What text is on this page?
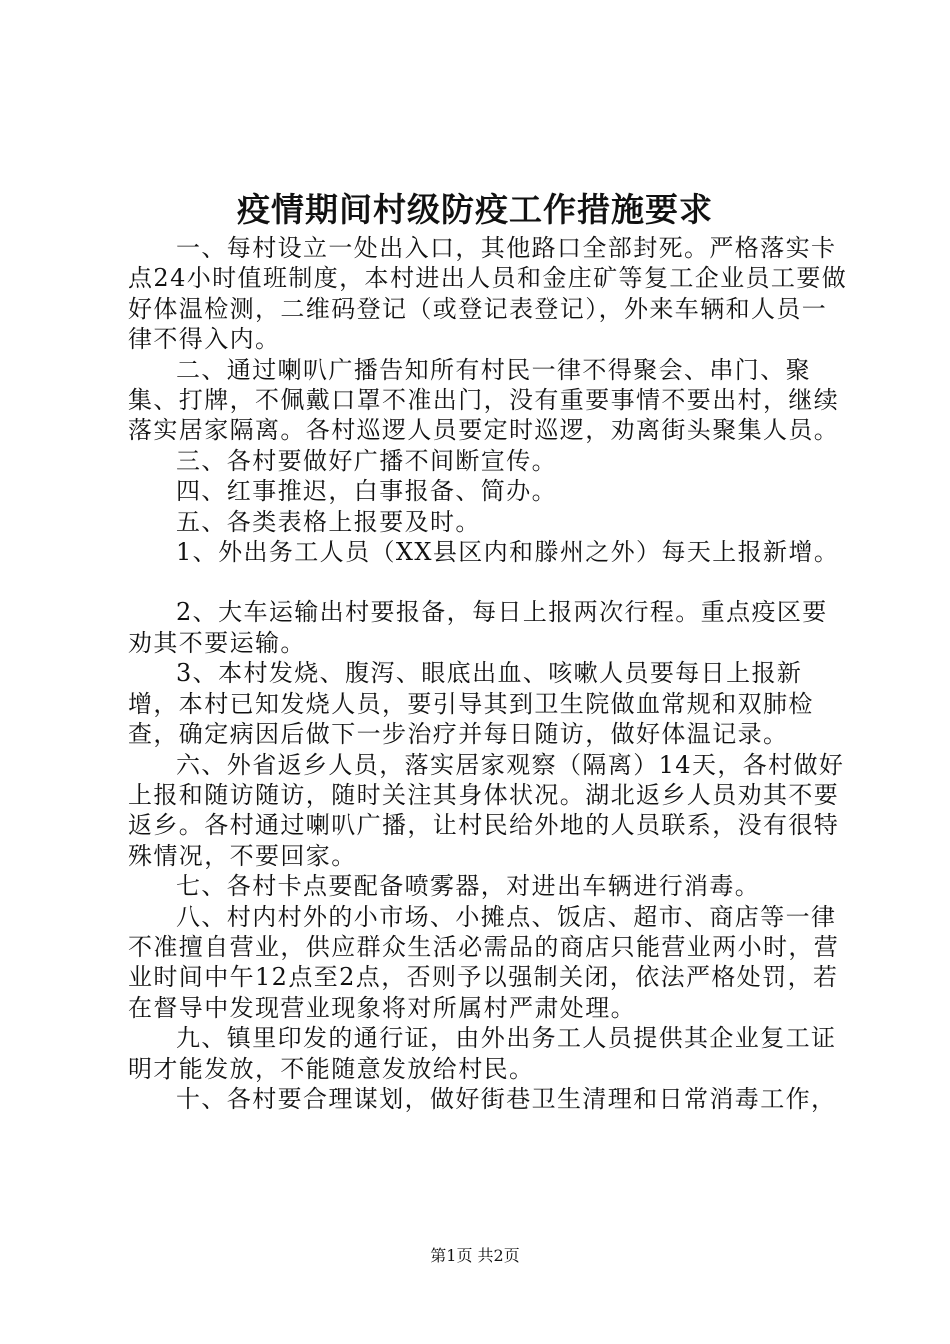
疫情期间村级防疫工作措施要求

一、每村设立一处出入口，其他路口全部封死。严格落实卡点24小时值班制度，本村进出人员和金庄矿等复工企业员工要做好体温检测，二维码登记（或登记表登记），外来车辆和人员一律不得入内。

二、通过喇叭广播告知所有村民一律不得聚会、串门、聚集、打牌，不佩戴口罩不准出门，没有重要事情不要出村，继续落实居家隔离。各村巡逻人员要定时巡逻，劝离街头聚集人员。

三、各村要做好广播不间断宣传。

四、红事推迟，白事报备、简办。

五、各类表格上报要及时。

1、外出务工人员（XX县区内和滕州之外）每天上报新增。

2、大车运输出村要报备，每日上报两次行程。重点疫区要劝其不要运输。

3、本村发烧、腹泻、眼底出血、咳嗽人员要每日上报新增，本村已知发烧人员，要引导其到卫生院做血常规和双肺检查，确定病因后做下一步治疗并每日随访，做好体温记录。

六、外省返乡人员，落实居家观察（隔离）14天，各村做好上报和随访随访，随时关注其身体状况。湖北返乡人员劝其不要返乡。各村通过喇叭广播，让村民给外地的人员联系，没有很特殊情况，不要回家。

七、各村卡点要配备喷雾器，对进出车辆进行消毒。

八、村内村外的小市场、小摊点、饭店、超市、商店等一律不准擅自营业，供应群众生活必需品的商店只能营业两小时，营业时间中午12点至2点，否则予以强制关闭，依法严格处罚，若在督导中发现营业现象将对所属村严肃处理。

九、镇里印发的通行证，由外出务工人员提供其企业复工证明才能发放，不能随意发放给村民。

十、各村要合理谋划，做好街巷卫生清理和日常消毒工作，

第1页 共2页
